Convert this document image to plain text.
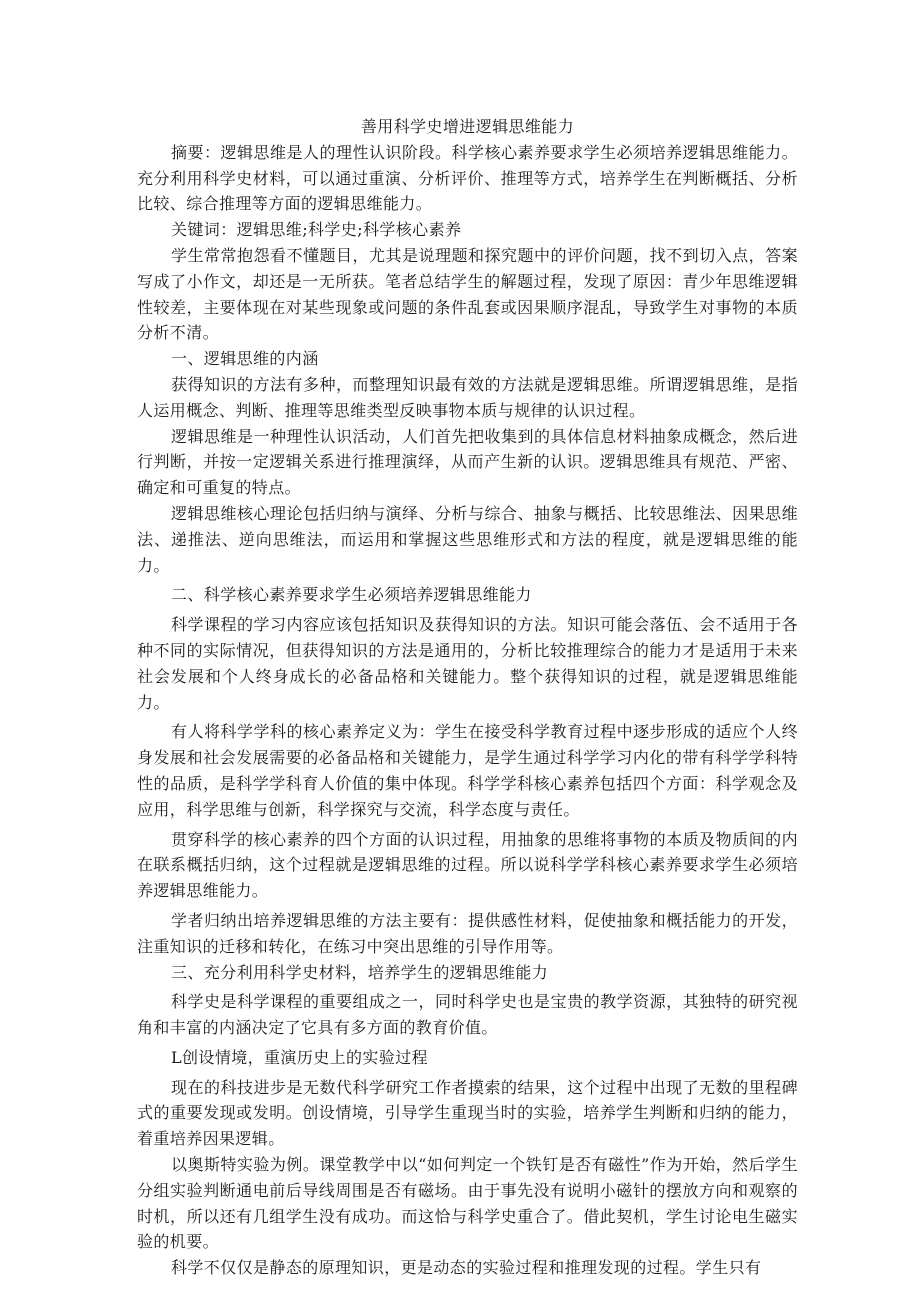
善用科学史增进逻辑思维能力

摘要：逻辑思维是人的理性认识阶段。科学核心素养要求学生必须培养逻辑思维能力。充分利用科学史材料，可以通过重演、分析评价、推理等方式，培养学生在判断概括、分析比较、综合推理等方面的逻辑思维能力。

关键词：逻辑思维;科学史;科学核心素养

学生常常抱怨看不懂题目，尤其是说理题和探究题中的评价问题，找不到切入点，答案写成了小作文，却还是一无所获。笔者总结学生的解题过程，发现了原因：青少年思维逻辑性较差，主要体现在对某些现象或问题的条件乱套或因果顺序混乱，导致学生对事物的本质分析不清。

一、逻辑思维的内涵

获得知识的方法有多种，而整理知识最有效的方法就是逻辑思维。所谓逻辑思维，是指人运用概念、判断、推理等思维类型反映事物本质与规律的认识过程。

逻辑思维是一种理性认识活动，人们首先把收集到的具体信息材料抽象成概念，然后进行判断，并按一定逻辑关系进行推理演绎，从而产生新的认识。逻辑思维具有规范、严密、确定和可重复的特点。

逻辑思维核心理论包括归纳与演绎、分析与综合、抽象与概括、比较思维法、因果思维法、递推法、逆向思维法，而运用和掌握这些思维形式和方法的程度，就是逻辑思维的能力。

二、科学核心素养要求学生必须培养逻辑思维能力

科学课程的学习内容应该包括知识及获得知识的方法。知识可能会落伍、会不适用于各种不同的实际情况，但获得知识的方法是通用的，分析比较推理综合的能力才是适用于未来社会发展和个人终身成长的必备品格和关键能力。整个获得知识的过程，就是逻辑思维能力。

有人将科学学科的核心素养定义为：学生在接受科学教育过程中逐步形成的适应个人终身发展和社会发展需要的必备品格和关键能力，是学生通过科学学习内化的带有科学学科特性的品质，是科学学科育人价值的集中体现。科学学科核心素养包括四个方面：科学观念及应用，科学思维与创新，科学探究与交流，科学态度与责任。

贯穿科学的核心素养的四个方面的认识过程，用抽象的思维将事物的本质及物质间的内在联系概括归纳，这个过程就是逻辑思维的过程。所以说科学学科核心素养要求学生必须培养逻辑思维能力。

学者归纳出培养逻辑思维的方法主要有：提供感性材料，促使抽象和概括能力的开发，注重知识的迁移和转化，在练习中突出思维的引导作用等。

三、充分利用科学史材料，培养学生的逻辑思维能力

科学史是科学课程的重要组成之一，同时科学史也是宝贵的教学资源，其独特的研究视角和丰富的内涵决定了它具有多方面的教育价值。

L创设情境，重演历史上的实验过程

现在的科技进步是无数代科学研究工作者摸索的结果，这个过程中出现了无数的里程碑式的重要发现或发明。创设情境，引导学生重现当时的实验，培养学生判断和归纳的能力，着重培养因果逻辑。

以奥斯特实验为例。课堂教学中以“如何判定一个铁钉是否有磁性”作为开始，然后学生分组实验判断通电前后导线周围是否有磁场。由于事先没有说明小磁针的摆放方向和观察的时机，所以还有几组学生没有成功。而这恰与科学史重合了。借此契机，学生讨论电生磁实验的机要。

科学不仅仅是静态的原理知识，更是动态的实验过程和推理发现的过程。学生只有
